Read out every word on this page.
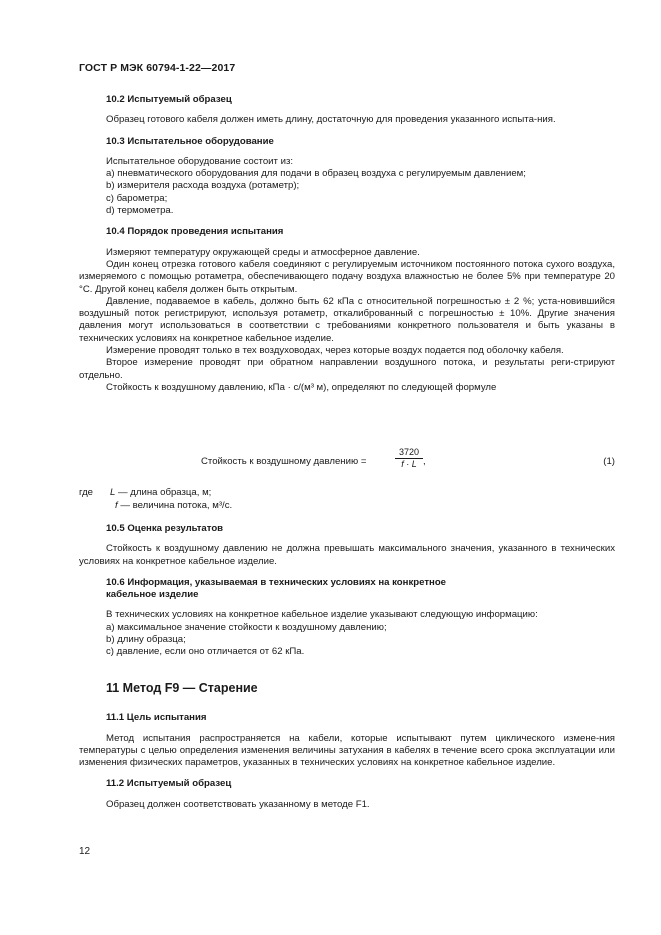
ГОСТ Р МЭК 60794-1-22—2017
10.2 Испытуемый образец
Образец готового кабеля должен иметь длину, достаточную для проведения указанного испыта-ния.
10.3 Испытательное оборудование
Испытательное оборудование состоит из:
a) пневматического оборудования для подачи в образец воздуха с регулируемым давлением;
b) измерителя расхода воздуха (ротаметр);
c) барометра;
d) термометра.
10.4 Порядок проведения испытания
Измеряют температуру окружающей среды и атмосферное давление.
Один конец отрезка готового кабеля соединяют с регулируемым источником постоянного потока сухого воздуха, измеряемого с помощью ротаметра, обеспечивающего подачу воздуха влажностью не более 5% при температуре 20 °С. Другой конец кабеля должен быть открытым.
Давление, подаваемое в кабель, должно быть 62 кПа с относительной погрешностью ± 2 %; уста-новившийся воздушный поток регистрируют, используя ротаметр, откалиброванный с погрешностью ± 10%. Другие значения давления могут использоваться в соответствии с требованиями конкретного пользователя и быть указаны в технических условиях на конкретное кабельное изделие.
Измерение проводят только в тех воздуховодах, через которые воздух подается под оболочку кабеля.
Второе измерение проводят при обратном направлении воздушного потока, и результаты реги-стрируют отдельно.
Стойкость к воздушному давлению, кПа · с/(м³ м), определяют по следующей формуле
Стойкость к воздушному давлению =	$\frac{3720}{f \cdot L}$ ,	(1)
где L — длина образца, м;
f — величина потока, м³/с.
10.5 Оценка результатов
Стойкость к воздушному давлению не должна превышать максимального значения, указанного в технических условиях на конкретное кабельное изделие.
10.6 Информация, указываемая в технических условиях на конкретное
кабельное изделие
В технических условиях на конкретное кабельное изделие указывают следующую информацию:
a) максимальное значение стойкости к воздушному давлению;
b) длину образца;
c) давление, если оно отличается от 62 кПа.
11 Метод F9 — Старение
11.1 Цель испытания
Метод испытания распространяется на кабели, которые испытывают путем циклического измене-ния температуры с целью определения изменения величины затухания в кабелях в течение всего срока эксплуатации или изменения физических параметров, указанных в технических условиях на конкретное кабельное изделие.
11.2 Испытуемый образец
Образец должен соответствовать указанному в методе F1.
12
